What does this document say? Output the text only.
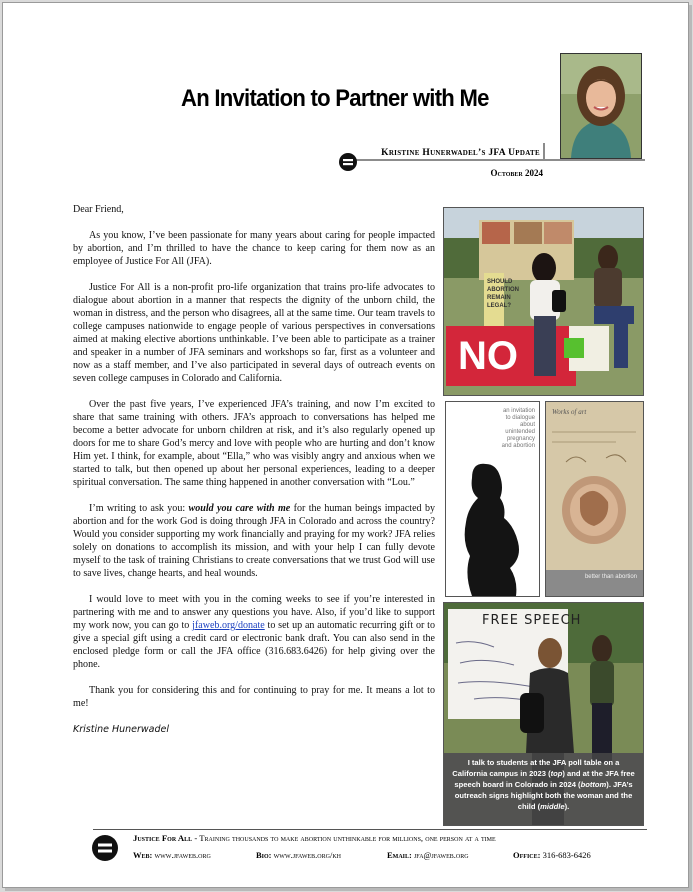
An Invitation to Partner with Me
Kristine Hunerwadel’s JFA Update
October 2024

Dear Friend,

As you know, I’ve been passionate for many years about caring for people impacted by abortion, and I’m thrilled to have the chance to keep caring for them now as an employee of Justice For All (JFA).

Justice For All is a non-profit pro-life organization that trains pro-life advocates to dialogue about abortion in a manner that respects the dignity of the unborn child, the woman in distress, and the person who disagrees, all at the same time. Our team travels to college campuses nationwide to engage people of various perspectives in conversations aimed at making elective abortions unthinkable. I’ve been able to participate as a trainer and speaker in a number of JFA seminars and workshops so far, first as a volunteer and now as a staff member, and I’ve also participated in several days of outreach events on seven college campuses in Colorado and California.

Over the past five years, I’ve experienced JFA’s training, and now I’m excited to share that same training with others. JFA’s approach to conversations has helped me become a better advocate for unborn children at risk, and it’s also regularly opened up doors for me to share God’s mercy and love with people who are hurting and don’t know Him yet. I think, for example, about “Ella,” who was visibly angry and anxious when we started to talk, but then opened up about her personal experiences, leading to a deeper spiritual conversation. The same thing happened in another conversation with “Lou.”

I’m writing to ask you: would you care with me for the human beings impacted by abortion and for the work God is doing through JFA in Colorado and across the country? Would you consider supporting my work financially and praying for my work? JFA relies solely on donations to accomplish its mission, and with your help I can fully devote myself to the task of training Christians to create conversations that we trust God will use to save lives, change hearts, and heal wounds.

I would love to meet with you in the coming weeks to see if you’re interested in partnering with me and to answer any questions you have. Also, if you’d like to support my work now, you can go to jfaweb.org/donate to set up an automatic recurring gift or to give a special gift using a credit card or electronic bank draft. You can also send in the enclosed pledge form or call the JFA office (316.683.6426) for help giving over the phone.

Thank you for considering this and for continuing to pray for me. It means a lot to me!

Kristine Hunerwadel

NO
SHOULD
ABORTION
REMAIN
LEGAL?
an invitation
to dialogue
about
unintended
pregnancy
and abortion
Works of art
better than abortion
FREE SPEECH
I talk to students at the JFA poll table on a California campus in 2023 (top) and at the JFA free speech board in Colorado in 2024 (bottom). JFA’s outreach signs highlight both the woman and the child (middle).
Justice For All - Training thousands to make abortion unthinkable for millions, one person at a time
Web: www.jfaweb.org	Bio: www.jfaweb.org/kh	Email: jfa@jfaweb.org	Office: 316-683-6426
